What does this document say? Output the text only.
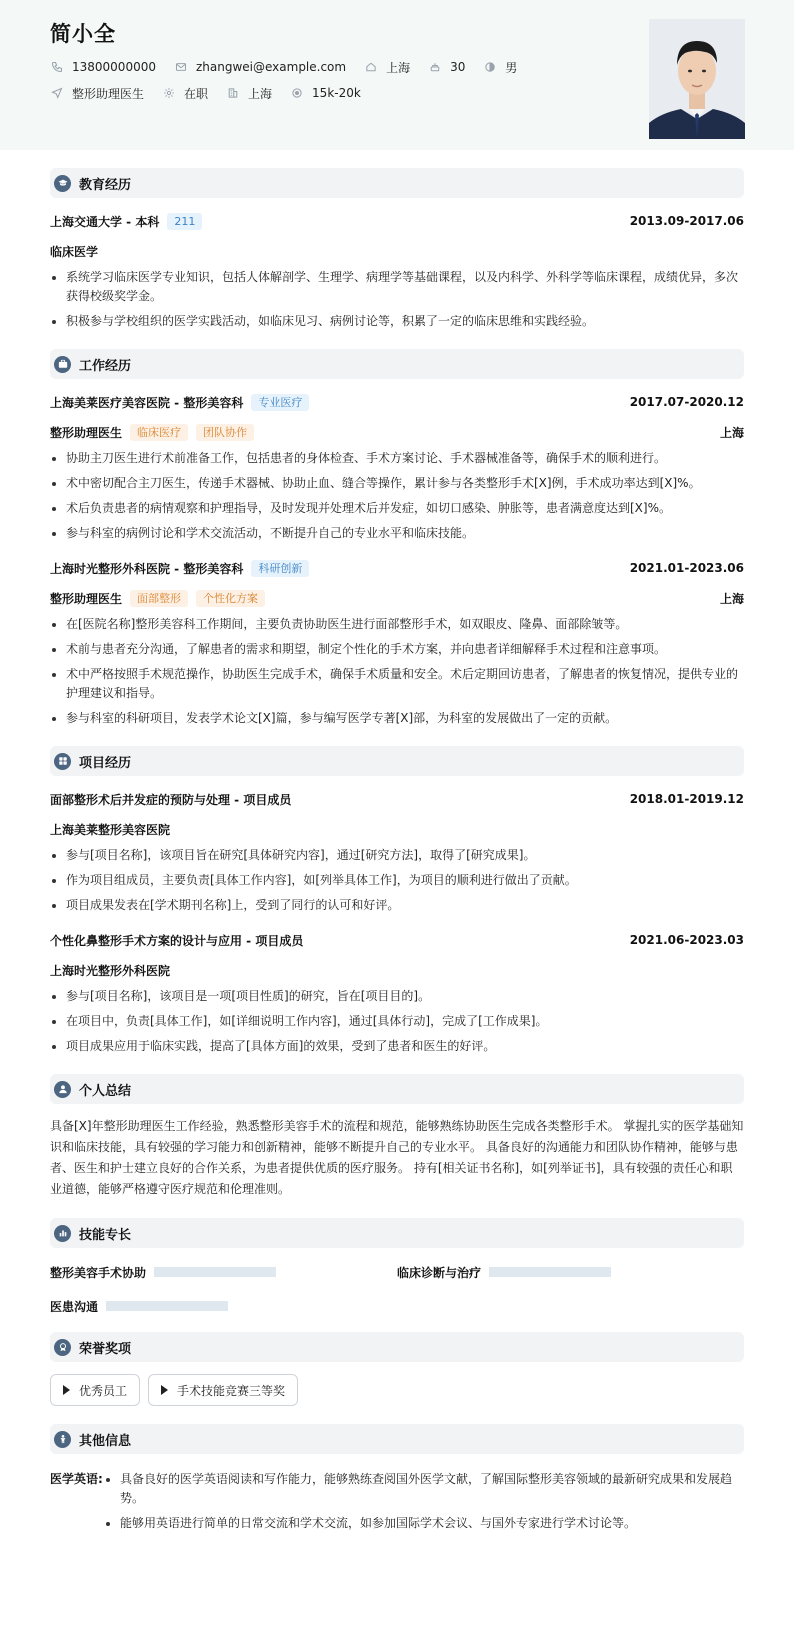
简小全
13800000000	zhangwei@example.com	上海	30	男
整形助理医生	在职	上海	15k-20k
教育经历
上海交通大学 - 本科	211	2013.09-2017.06
临床医学
系统学习临床医学专业知识，包括人体解剖学、生理学、病理学等基础课程，以及内科学、外科学等临床课程，成绩优异，多次获得校级奖学金。
积极参与学校组织的医学实践活动，如临床见习、病例讨论等，积累了一定的临床思维和实践经验。
工作经历
上海美莱医疗美容医院 - 整形美容科	专业医疗	2017.07-2020.12
整形助理医生	临床医疗	团队协作	上海
协助主刀医生进行术前准备工作，包括患者的身体检查、手术方案讨论、手术器械准备等，确保手术的顺利进行。
术中密切配合主刀医生，传递手术器械、协助止血、缝合等操作，累计参与各类整形手术[X]例，手术成功率达到[X]%。
术后负责患者的病情观察和护理指导，及时发现并处理术后并发症，如切口感染、肿胀等，患者满意度达到[X]%。
参与科室的病例讨论和学术交流活动，不断提升自己的专业水平和临床技能。
上海时光整形外科医院 - 整形美容科	科研创新	2021.01-2023.06
整形助理医生	面部整形	个性化方案	上海
在[医院名称]整形美容科工作期间，主要负责协助医生进行面部整形手术，如双眼皮、隆鼻、面部除皱等。
术前与患者充分沟通，了解患者的需求和期望，制定个性化的手术方案，并向患者详细解释手术过程和注意事项。
术中严格按照手术规范操作，协助医生完成手术，确保手术质量和安全。术后定期回访患者，了解患者的恢复情况，提供专业的护理建议和指导。
参与科室的科研项目，发表学术论文[X]篇，参与编写医学专著[X]部，为科室的发展做出了一定的贡献。
项目经历
面部整形术后并发症的预防与处理 - 项目成员	2018.01-2019.12
上海美莱整形美容医院
参与[项目名称]，该项目旨在研究[具体研究内容]，通过[研究方法]，取得了[研究成果]。
作为项目组成员，主要负责[具体工作内容]，如[列举具体工作]，为项目的顺利进行做出了贡献。
项目成果发表在[学术期刊名称]上，受到了同行的认可和好评。
个性化鼻整形手术方案的设计与应用 - 项目成员	2021.06-2023.03
上海时光整形外科医院
参与[项目名称]，该项目是一项[项目性质]的研究，旨在[项目目的]。
在项目中，负责[具体工作]，如[详细说明工作内容]，通过[具体行动]，完成了[工作成果]。
项目成果应用于临床实践，提高了[具体方面]的效果，受到了患者和医生的好评。
个人总结
具备[X]年整形助理医生工作经验，熟悉整形美容手术的流程和规范，能够熟练协助医生完成各类整形手术。 掌握扎实的医学基础知识和临床技能，具有较强的学习能力和创新精神，能够不断提升自己的专业水平。 具备良好的沟通能力和团队协作精神，能够与患者、医生和护士建立良好的合作关系，为患者提供优质的医疗服务。 持有[相关证书名称]，如[列举证书]，具有较强的责任心和职业道德，能够严格遵守医疗规范和伦理准则。
技能专长
整形美容手术协助	临床诊断与治疗
医患沟通
荣誉奖项
优秀员工	手术技能竞赛三等奖
其他信息
医学英语:	具备良好的医学英语阅读和写作能力，能够熟练查阅国外医学文献，了解国际整形美容领域的最新研究成果和发展趋势。
能够用英语进行简单的日常交流和学术交流，如参加国际学术会议、与国外专家进行学术讨论等。
